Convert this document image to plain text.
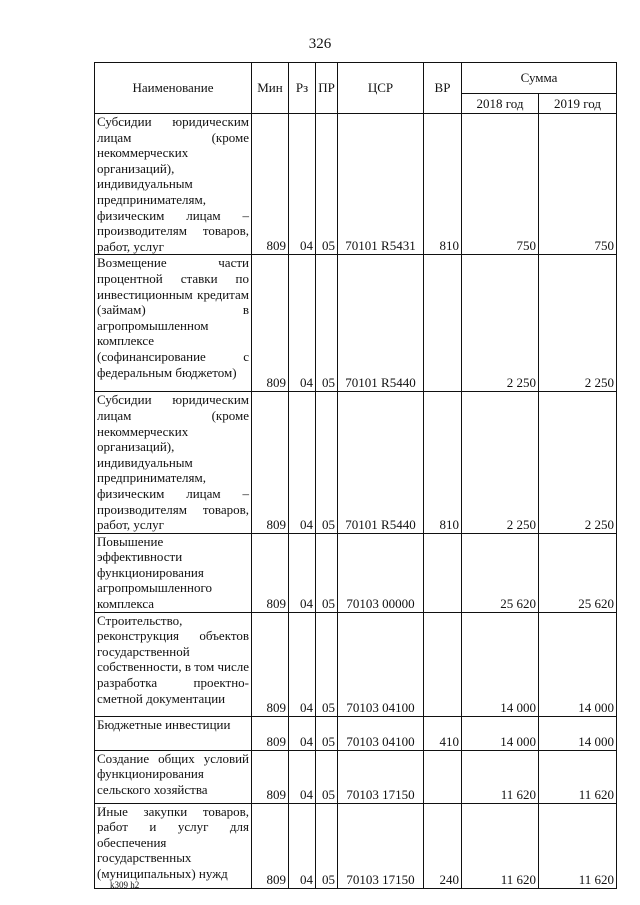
326
Наименование	Мин	Рз	ПР	ЦСР	ВР	Сумма	
						2018 год	2019 год
Субсидии юридическим лицам (кроме некоммерческих организаций), индивидуальным предпринимателям, физическим лицам – производителям товаров, работ, услуг	809	04	05	70101 R5431	810	750	750
Возмещение части процентной ставки по инвестиционным кредитам (займам) в агропромышленном комплексе (софинансирование с федеральным бюджетом)	809	04	05	70101 R5440		2 250	2 250
Субсидии юридическим лицам (кроме некоммерческих организаций), индивидуальным предпринимателям, физическим лицам – производителям товаров, работ, услуг	809	04	05	70101 R5440	810	2 250	2 250
Повышение эффективности функционирования агропромышленного комплекса	809	04	05	70103 00000		25 620	25 620
Строительство, реконструкция объектов государственной собственности, в том числе разработка проектно-сметной документации	809	04	05	70103 04100		14 000	14 000
Бюджетные инвестиции	809	04	05	70103 04100	410	14 000	14 000
Создание общих условий функционирования сельского хозяйства	809	04	05	70103 17150		11 620	11 620
Иные закупки товаров, работ и услуг для обеспечения государственных (муниципальных) нужд	809	04	05	70103 17150	240	11 620	11 620
k309 h2
